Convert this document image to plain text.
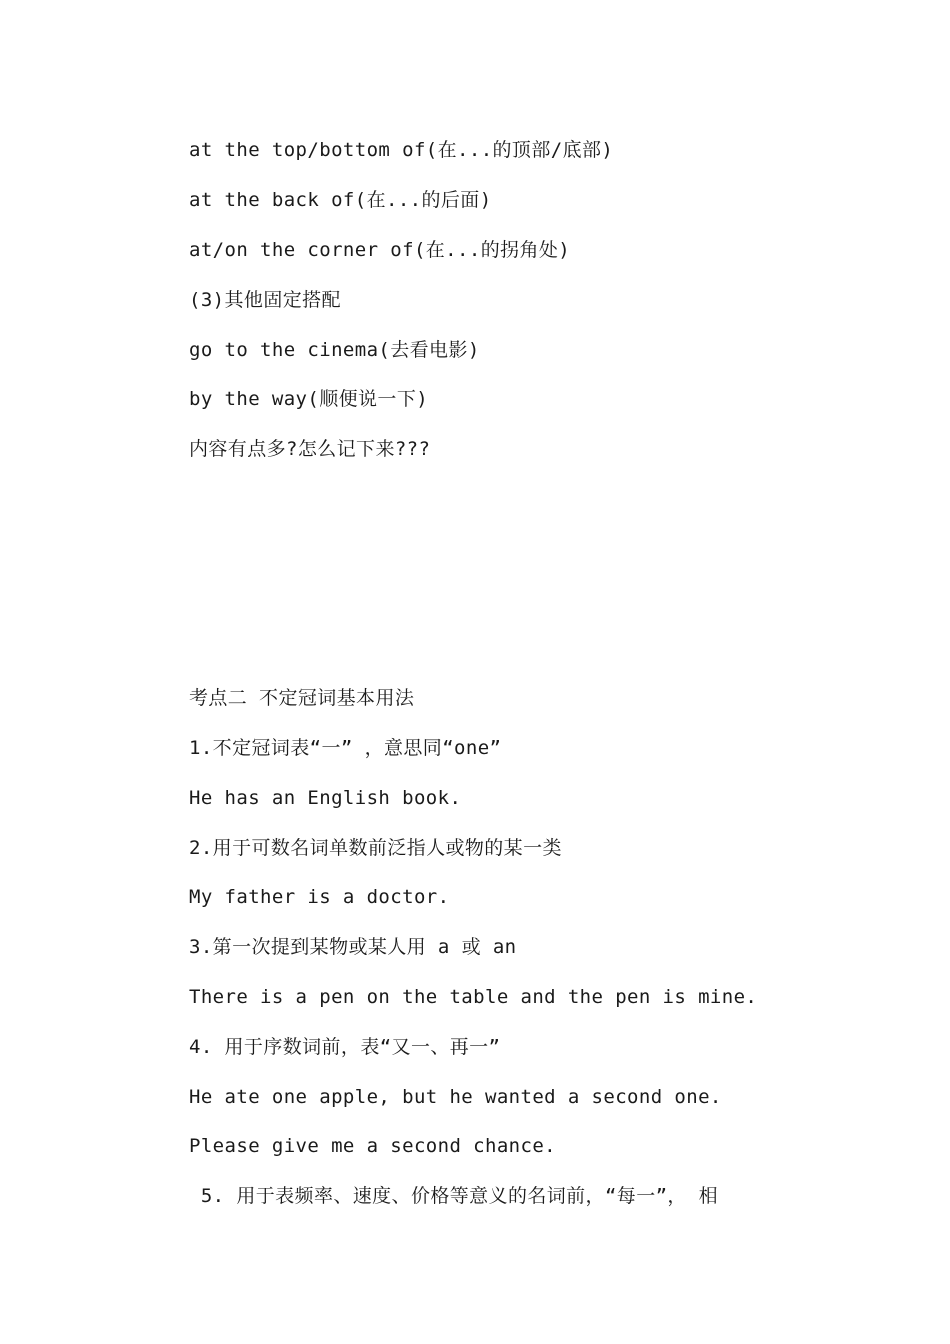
at the top/bottom of(在...的顶部/底部)

at the back of(在...的后面)

at/on the corner of(在...的拐角处)

(3)其他固定搭配

go to the cinema(去看电影)

by the way(顺便说一下)

内容有点多?怎么记下来???

考点二 不定冠词基本用法

1.不定冠词表“一” ，意思同“one”

He has an English book.

2.用于可数名词单数前泛指人或物的某一类

My father is a doctor.

3.第一次提到某物或某人用 a 或 an

There is a pen on the table and the pen is mine.

4. 用于序数词前，表“又一、再一”

He ate one apple, but he wanted a second one.

Please give me a second chance.

5. 用于表频率、速度、价格等意义的名词前，“每一”， 相
